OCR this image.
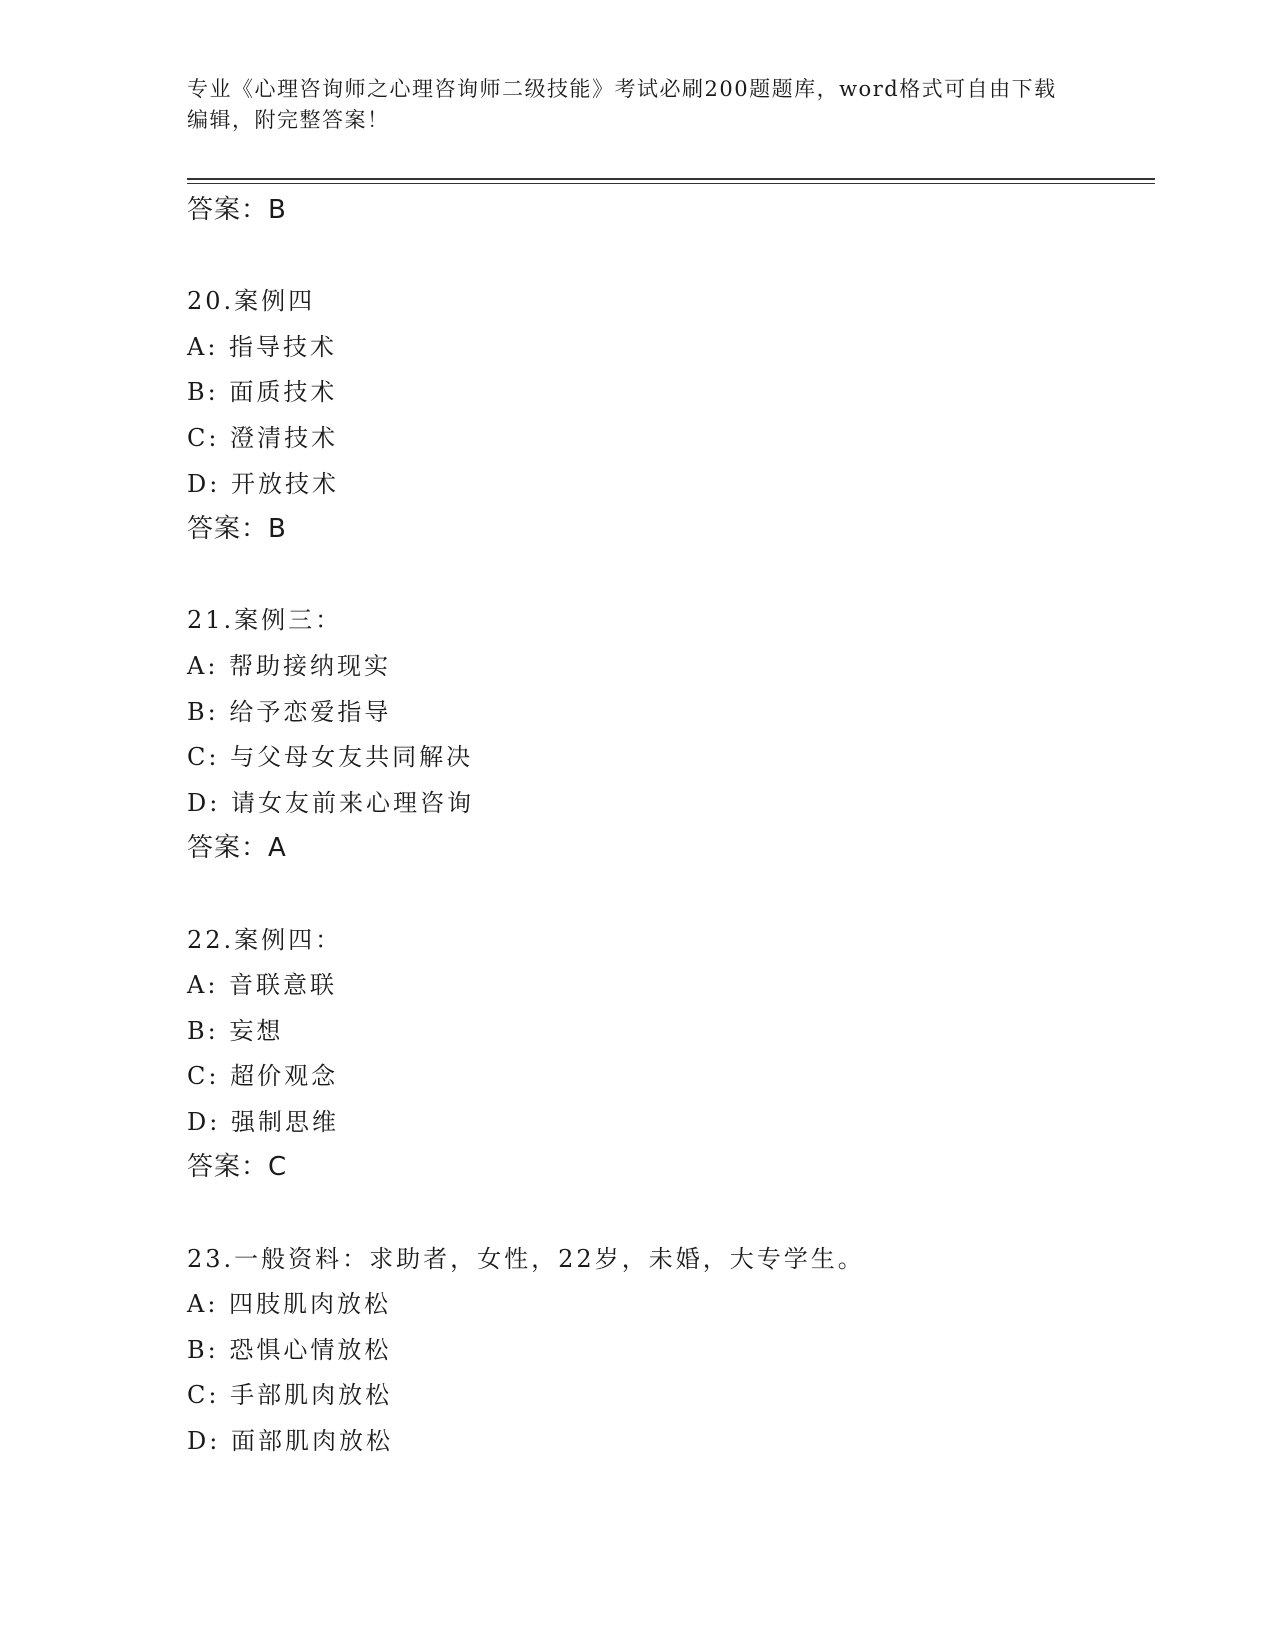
专业《心理咨询师之心理咨询师二级技能》考试必刷200题题库，word格式可自由下载编辑，附完整答案！

答案：B
20.案例四
A: 指导技术
B: 面质技术
C: 澄清技术
D: 开放技术
答案：B
21.案例三：
A: 帮助接纳现实
B: 给予恋爱指导
C: 与父母女友共同解决
D: 请女友前来心理咨询
答案：A
22.案例四：
A: 音联意联
B: 妄想
C: 超价观念
D: 强制思维
答案：C
23.一般资料：求助者，女性，22岁，未婚，大专学生。
A: 四肢肌肉放松
B: 恐惧心情放松
C: 手部肌肉放松
D: 面部肌肉放松
